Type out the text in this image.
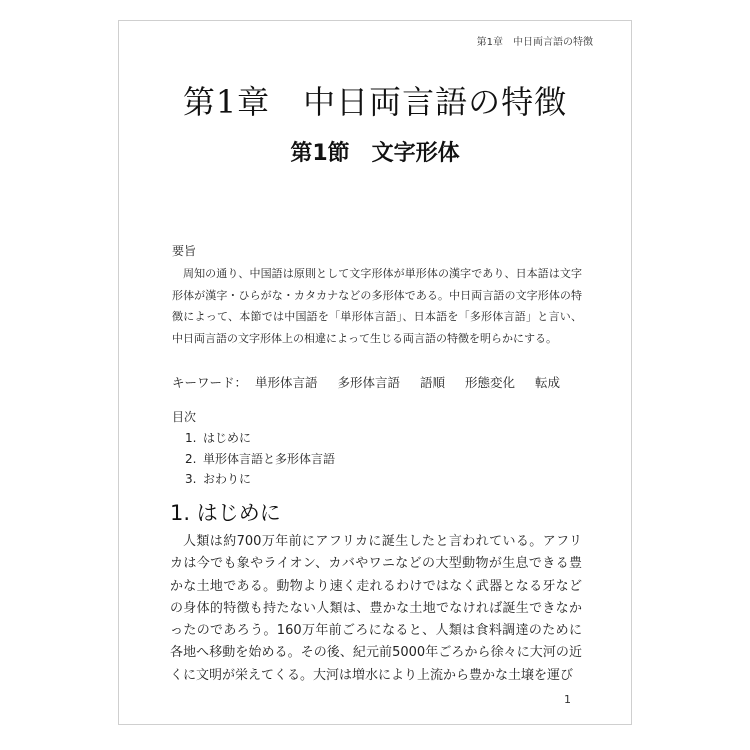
第1章　中日両言語の特徴
第1章　中日両言語の特徴
第1節　文字形体
要旨
周知の通り、中国語は原則として文字形体が単形体の漢字であり、日本語は文字形体が漢字・ひらがな・カタカナなどの多形体である。中日両言語の文字形体の特徴によって、本節では中国語を「単形体言語」、日本語を「多形体言語」と言い、中日両言語の文字形体上の相違によって生じる両言語の特徴を明らかにする。
キーワード： 単形体言語 多形体言語 語順 形態変化 転成
目次
1. はじめに
2. 単形体言語と多形体言語
3. おわりに
1. はじめに
人類は約700万年前にアフリカに誕生したと言われている。アフリカは今でも象やライオン、カバやワニなどの大型動物が生息できる豊かな土地である。動物より速く走れるわけではなく武器となる牙などの身体的特徴も持たない人類は、豊かな土地でなければ誕生できなかったのであろう。160万年前ごろになると、人類は食料調達のために各地へ移動を始める。その後、紀元前5000年ごろから徐々に大河の近くに文明が栄えてくる。大河は増水により上流から豊かな土壌を運び
1
